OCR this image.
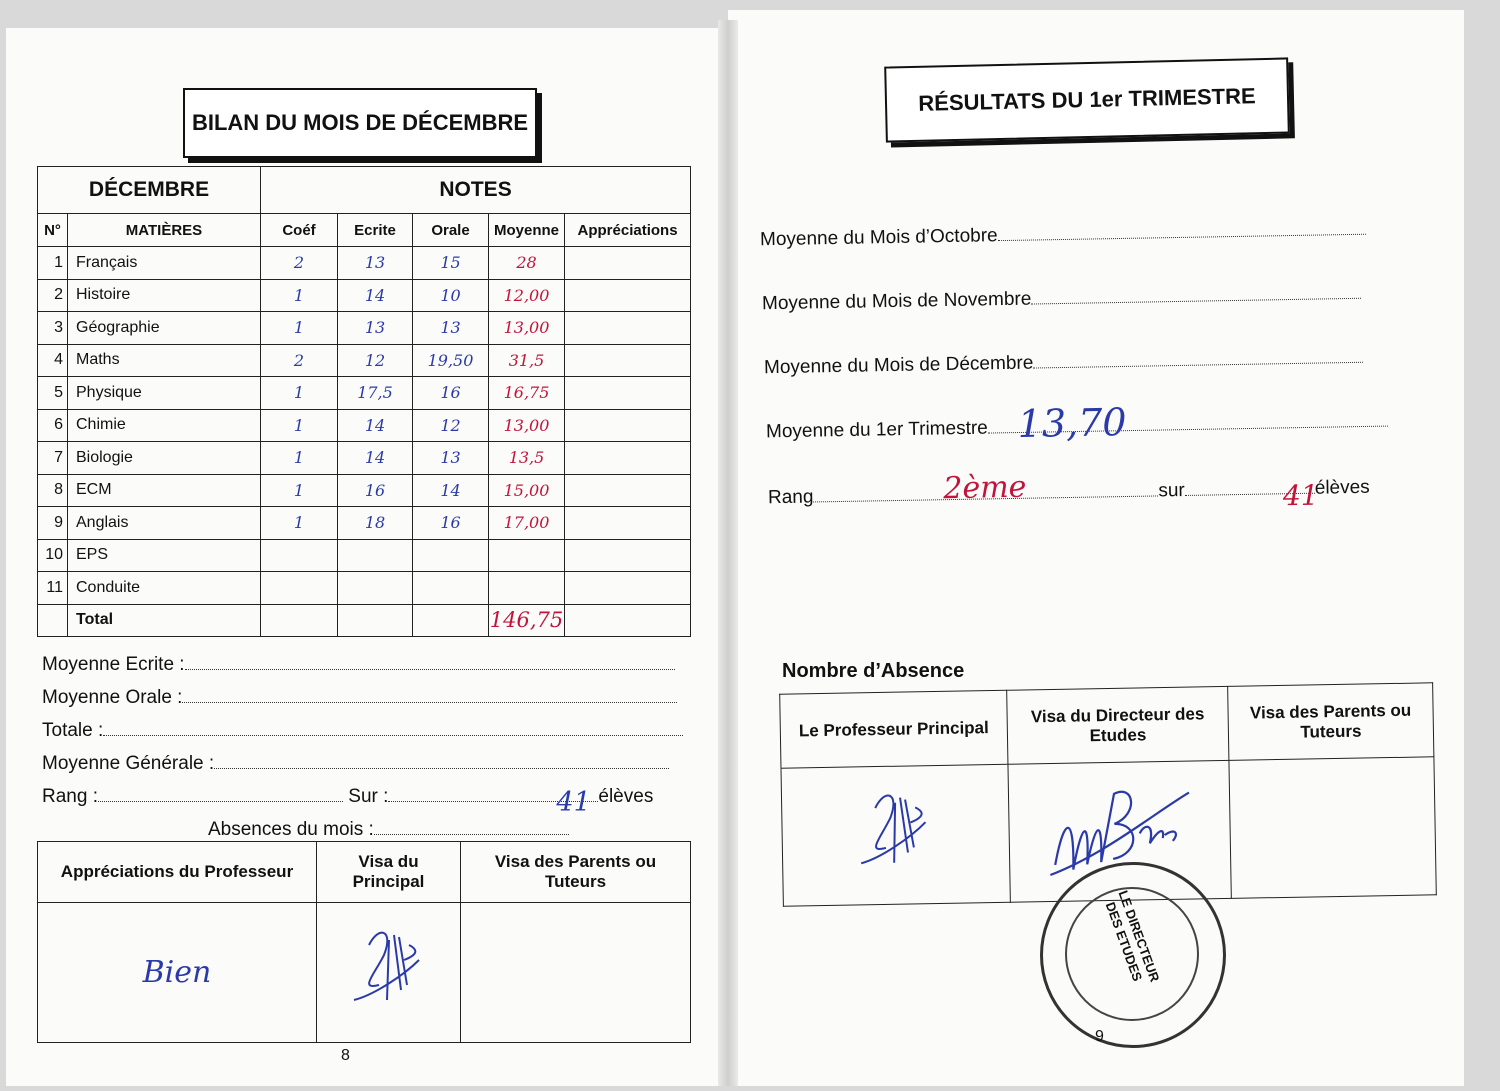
BILAN DU MOIS DE DÉCEMBRE
DÉCEMBRE		NOTES				
N°	MATIÈRES	Coéf	Ecrite	Orale	Moyenne	Appréciations
1	Français	2	13	15	28	
2	Histoire	1	14	10	12,00	
3	Géographie	1	13	13	13,00	
4	Maths	2	12	19,50	31,5	
5	Physique	1	17,5	16	16,75	
6	Chimie	1	14	12	13,00	
7	Biologie	1	14	13	13,5	
8	ECM	1	16	14	15,00	
9	Anglais	1	18	16	17,00	
10	EPS					
11	Conduite					
	Total				146,75	
Moyenne Ecrite :
Moyenne Orale :
Totale :
Moyenne Générale :
Rang :	Sur :	41 élèves
Absences du mois :
Appréciations du Professeur	Visa du Principal	Visa des Parents ou Tuteurs
Bien		
8
RÉSULTATS DU 1er TRIMESTRE
Moyenne du Mois d’Octobre
Moyenne du Mois de Novembre
Moyenne du Mois de Décembre
Moyenne du 1er Trimestre 13,70
Rang	2ème	sur	41
élèves
Nombre d’Absence
Le Professeur Principal	Visa du Directeur des Etudes	Visa des Parents ou Tuteurs

LE DIRECTEUR DES ETUDES
9
